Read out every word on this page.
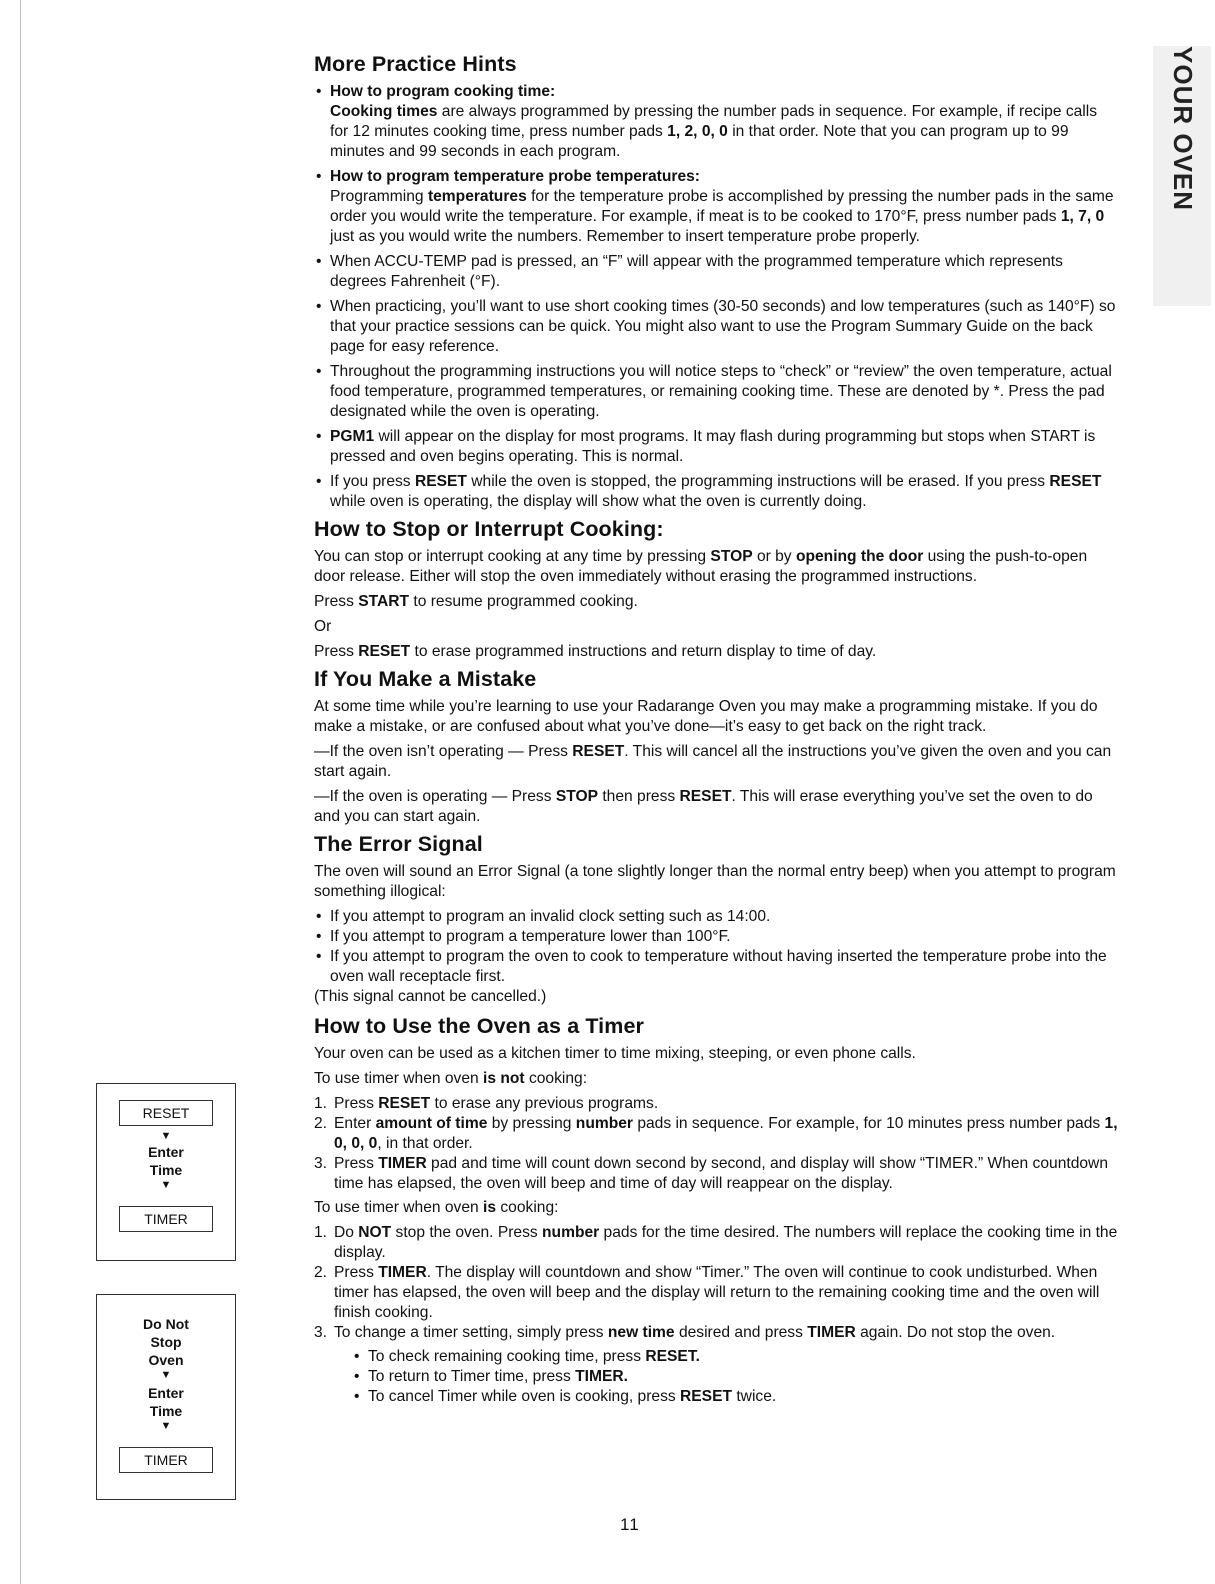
YOUR OVEN
More Practice Hints
• How to program cooking time:
Cooking times are always programmed by pressing the number pads in sequence. For example, if recipe calls for 12 minutes cooking time, press number pads 1, 2, 0, 0 in that order. Note that you can program up to 99 minutes and 99 seconds in each program.
• How to program temperature probe temperatures:
Programming temperatures for the temperature probe is accomplished by pressing the number pads in the same order you would write the temperature. For example, if meat is to be cooked to 170°F, press number pads 1, 7, 0 just as you would write the numbers. Remember to insert temperature probe properly.
• When ACCU-TEMP pad is pressed, an “F” will appear with the programmed temperature which represents degrees Fahrenheit (°F).
• When practicing, you’ll want to use short cooking times (30-50 seconds) and low temperatures (such as 140°F) so that your practice sessions can be quick. You might also want to use the Program Summary Guide on the back page for easy reference.
• Throughout the programming instructions you will notice steps to “check” or “review” the oven temperature, actual food temperature, programmed temperatures, or remaining cooking time. These are denoted by *. Press the pad designated while the oven is operating.
• PGM1 will appear on the display for most programs. It may flash during programming but stops when START is pressed and oven begins operating. This is normal.
• If you press RESET while the oven is stopped, the programming instructions will be erased. If you press RESET while oven is operating, the display will show what the oven is currently doing.
How to Stop or Interrupt Cooking:

You can stop or interrupt cooking at any time by pressing STOP or by opening the door using the push-to-open door release. Either will stop the oven immediately without erasing the programmed instructions.

Press START to resume programmed cooking.

Or

Press RESET to erase programmed instructions and return display to time of day.

If You Make a Mistake

At some time while you’re learning to use your Radarange Oven you may make a programming mistake. If you do make a mistake, or are confused about what you’ve done—it’s easy to get back on the right track.

—If the oven isn’t operating — Press RESET. This will cancel all the instructions you’ve given the oven and you can start again.

—If the oven is operating — Press STOP then press RESET. This will erase everything you’ve set the oven to do and you can start again.

The Error Signal

The oven will sound an Error Signal (a tone slightly longer than the normal entry beep) when you attempt to program something illogical:

• If you attempt to program an invalid clock setting such as 14:00.
• If you attempt to program a temperature lower than 100°F.
• If you attempt to program the oven to cook to temperature without having inserted the temperature probe into the oven wall receptacle first.

(This signal cannot be cancelled.)

How to Use the Oven as a Timer

Your oven can be used as a kitchen timer to time mixing, steeping, or even phone calls.

To use timer when oven is not cooking:

1. Press RESET to erase any previous programs.
2. Enter amount of time by pressing number pads in sequence. For example, for 10 minutes press number pads 1, 0, 0, 0, in that order.
3. Press TIMER pad and time will count down second by second, and display will show “TIMER.” When countdown time has elapsed, the oven will beep and time of day will reappear on the display.

To use timer when oven is cooking:

1. Do NOT stop the oven. Press number pads for the time desired. The numbers will replace the cooking time in the display.
2. Press TIMER. The display will countdown and show “Timer.” The oven will continue to cook undisturbed. When timer has elapsed, the oven will beep and the display will return to the remaining cooking time and the oven will finish cooking.
3. To change a timer setting, simply press new time desired and press TIMER again. Do not stop the oven.
• To check remaining cooking time, press RESET.
• To return to Timer time, press TIMER.
• To cancel Timer while oven is cooking, press RESET twice.
RESET
▼
Enter
Time
▼
TIMER
Do Not
Stop
Oven
▼
Enter
Time
▼
TIMER
11
